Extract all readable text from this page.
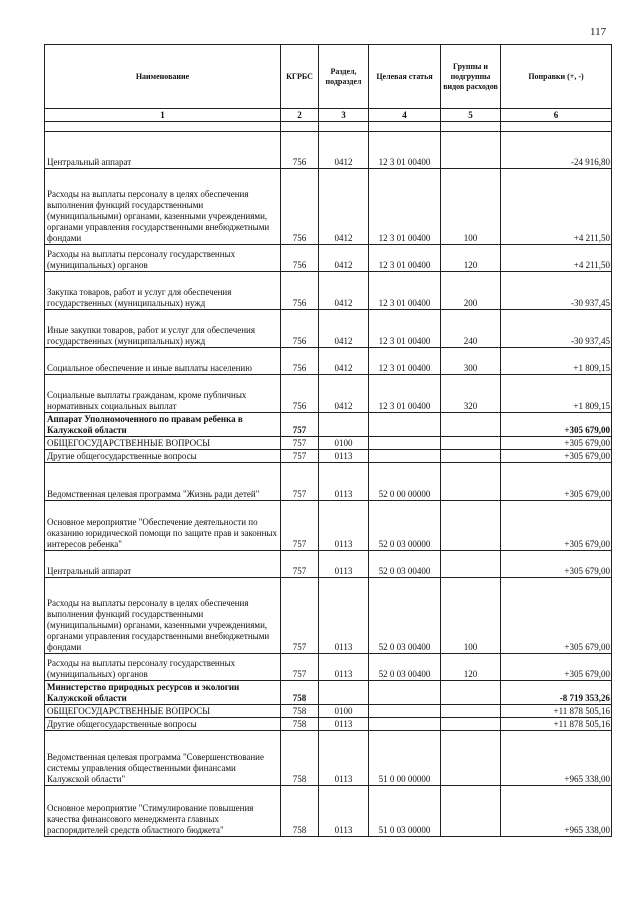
117
Наименование	КГРБС	Раздел, подраздел	Целевая статья	Группы и подгруппы видов расходов	Поправки (+, -)
1	2	3	4	5	6

Центральный аппарат	756	0412	12 3 01 00400		-24 916,80
Расходы на выплаты персоналу в целях обеспечения выполнения функций государственными (муниципальными) органами, казенными учреждениями, органами управления государственными внебюджетными фондами	756	0412	12 3 01 00400	100	+4 211,50
Расходы на выплаты персоналу государственных (муниципальных) органов	756	0412	12 3 01 00400	120	+4 211,50
Закупка товаров, работ и услуг для обеспечения государственных (муниципальных) нужд	756	0412	12 3 01 00400	200	-30 937,45
Иные закупки товаров, работ и услуг для обеспечения государственных (муниципальных) нужд	756	0412	12 3 01 00400	240	-30 937,45
Социальное обеспечение и иные выплаты населению	756	0412	12 3 01 00400	300	+1 809,15
Социальные выплаты гражданам, кроме публичных нормативных социальных выплат	756	0412	12 3 01 00400	320	+1 809,15
Аппарат Уполномоченного по правам ребенка в Калужской области	757				+305 679,00
ОБЩЕГОСУДАРСТВЕННЫЕ ВОПРОСЫ	757	0100			+305 679,00
Другие общегосударственные вопросы	757	0113			+305 679,00
Ведомственная целевая программа "Жизнь ради детей"	757	0113	52 0 00 00000		+305 679,00
Основное мероприятие "Обеспечение деятельности по оказанию юридической помощи по защите прав и законных интересов ребенка"	757	0113	52 0 03 00000		+305 679,00
Центральный аппарат	757	0113	52 0 03 00400		+305 679,00
Расходы на выплаты персоналу в целях обеспечения выполнения функций государственными (муниципальными) органами, казенными учреждениями, органами управления государственными внебюджетными фондами	757	0113	52 0 03 00400	100	+305 679,00
Расходы на выплаты персоналу государственных (муниципальных) органов	757	0113	52 0 03 00400	120	+305 679,00
Министерство природных ресурсов и экологии Калужской области	758				-8 719 353,26
ОБЩЕГОСУДАРСТВЕННЫЕ ВОПРОСЫ	758	0100			+11 878 505,16
Другие общегосударственные вопросы	758	0113			+11 878 505,16
Ведомственная целевая программа "Совершенствование системы управления общественными финансами Калужской области"	758	0113	51 0 00 00000		+965 338,00
Основное мероприятие "Стимулирование повышения качества финансового менеджмента главных распорядителей средств областного бюджета"	758	0113	51 0 03 00000		+965 338,00
